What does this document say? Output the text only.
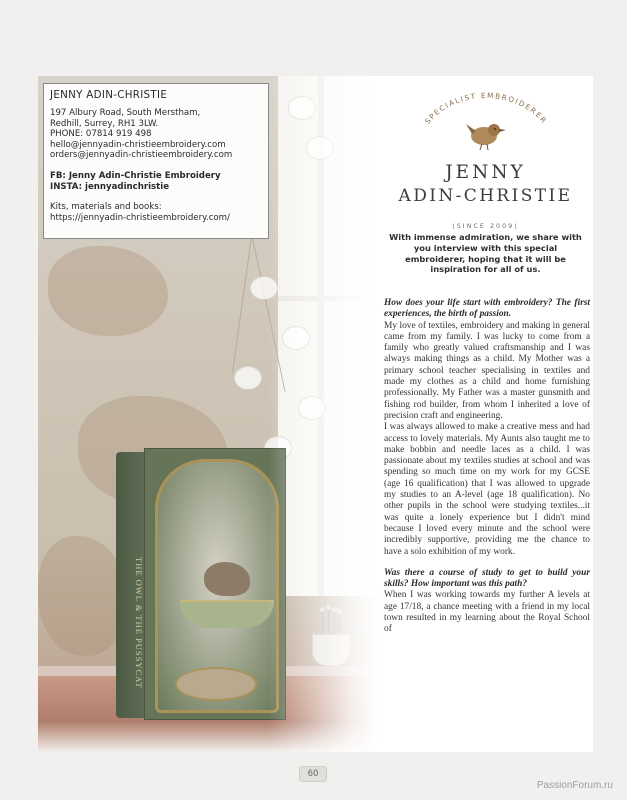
THE OWL & THE PUSSYCAT
JENNY ADIN-CHRISTIE
197 Albury Road, South Merstham,
Redhill, Surrey, RH1 3LW.
PHONE: 07814 919 498
hello@jennyadin-christieembroidery.com
orders@jennyadin-christieembroidery.com
FB: Jenny Adin-Christie Embroidery
INSTA: jennyadinchristie
Kits, materials and books:
https://jennyadin-christieembroidery.com/
SPECIALIST EMBROIDERER
JENNY
ADIN-CHRISTIE
(SINCE 2009)
With immense admiration, we share with you interview with this special embroiderer, hoping that it will be inspiration for all of us.

How does your life start with embroidery? The first experiences, the birth of passion.

My love of textiles, embroidery and making in general came from my family. I was lucky to come from a family who greatly valued craftsmanship and I was always making things as a child. My Mother was a primary school teacher specialising in textiles and made my clothes as a child and home furnishing professionally. My Father was a master gunsmith and fishing rod builder, from whom I inherited a love of precision craft and engineering.

I was always allowed to make a creative mess and had access to lovely materials. My Aunts also taught me to make bobbin and needle laces as a child. I was passionate about my textiles studies at school and was spending so much time on my work for my GCSE (age 16 qualification) that I was allowed to upgrade my studies to an A-level (age 18 qualification). No other pupils in the school were studying textiles...it was quite a lonely experience but I didn't mind because I loved every minute and the school were incredibly supportive, providing me the chance to have a solo exhibition of my work.

Was there a course of study to get to build your skills? How important was this path?

When I was working towards my further A levels at age 17/18, a chance meeting with a friend in my local town resulted in my learning about the Royal School of

60
PassionForum.ru
